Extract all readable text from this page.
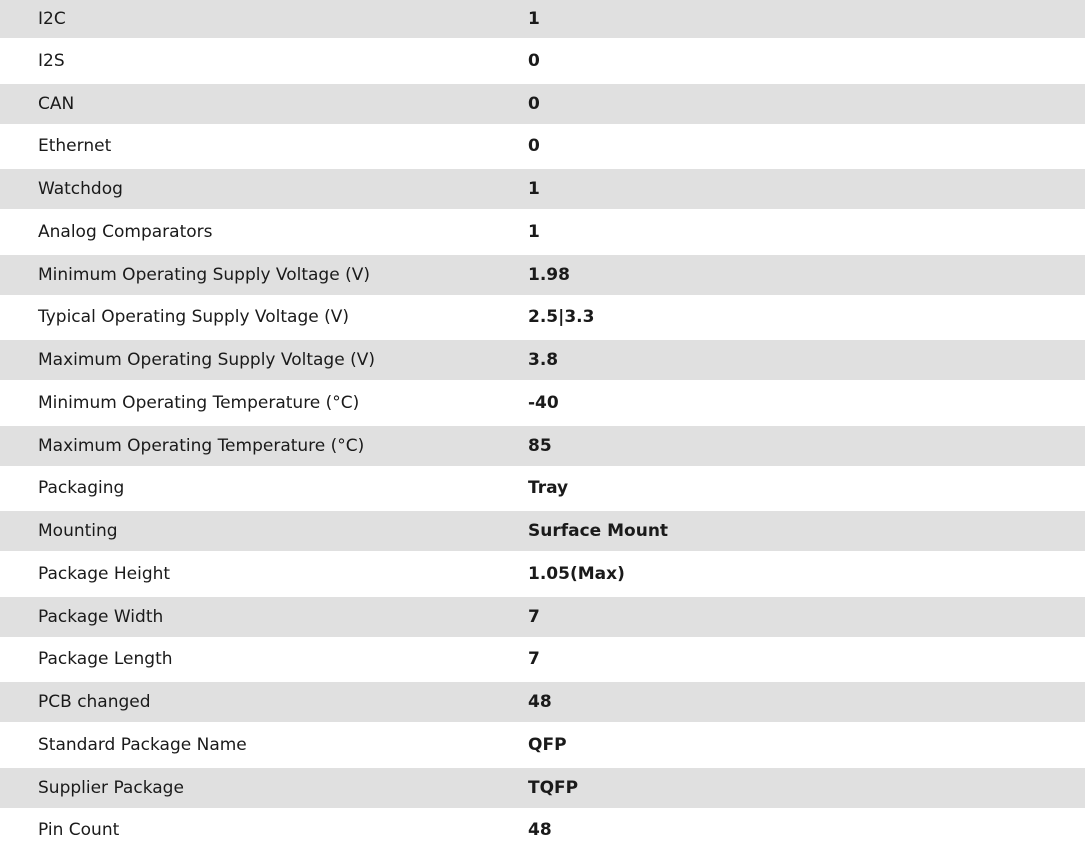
I2C	1
I2S	0
CAN	0
Ethernet	0
Watchdog	1
Analog Comparators	1
Minimum Operating Supply Voltage (V)	1.98
Typical Operating Supply Voltage (V)	2.5|3.3
Maximum Operating Supply Voltage (V)	3.8
Minimum Operating Temperature (°C)	-40
Maximum Operating Temperature (°C)	85
Packaging	Tray
Mounting	Surface Mount
Package Height	1.05(Max)
Package Width	7
Package Length	7
PCB changed	48
Standard Package Name	QFP
Supplier Package	TQFP
Pin Count	48
